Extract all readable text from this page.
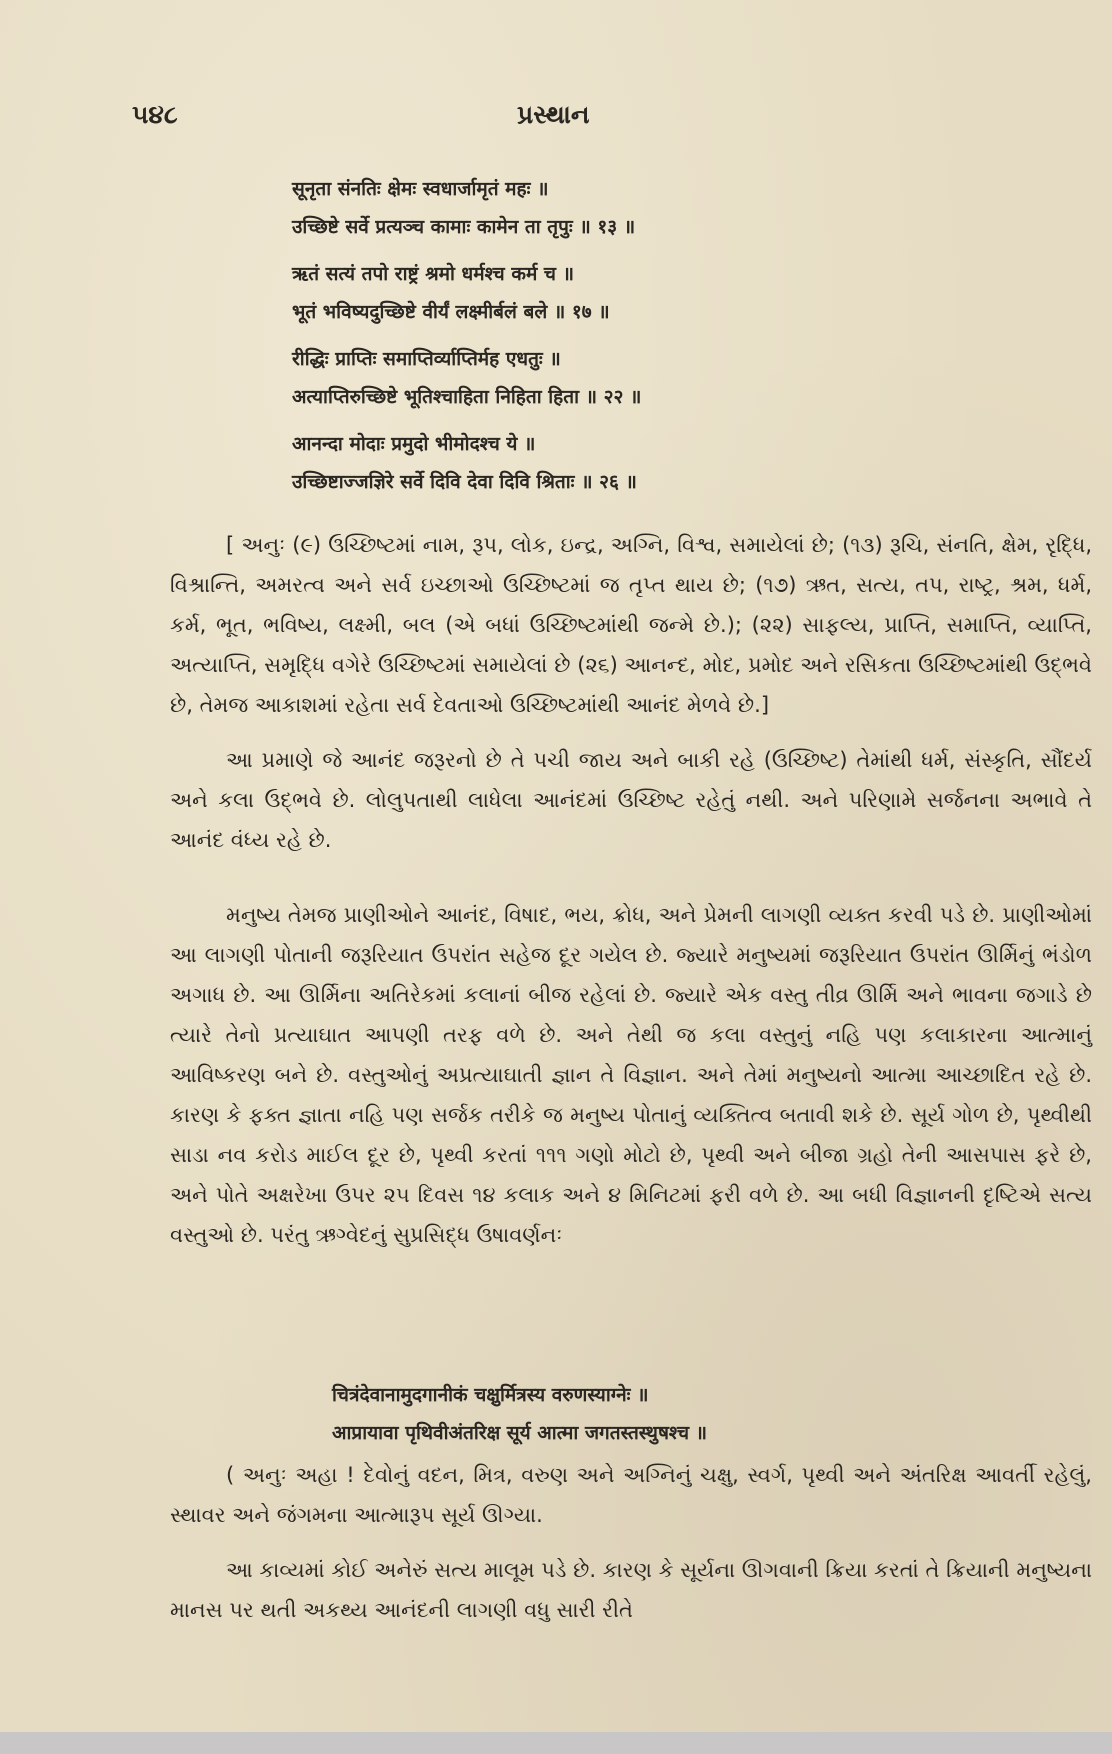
૫૪૮	પ્રસ્થાન
सूनृता संनतिः क्षेमः स्वधार्जामृतं महः ॥
उच्छिष्टे सर्वे प्रत्यञ्च कामाः कामेन ता तृपुः ॥ १३ ॥
ऋतं सत्यं तपो राष्ट्रं श्रमो धर्मश्च कर्म च ॥
भूतं भविष्यदुच्छिष्टे वीर्यं लक्ष्मीर्बलं बले ॥ १७ ॥
रीद्धिः प्राप्तिः समाप्तिर्व्याप्तिर्मह एधतुः ॥
अत्याप्तिरुच्छिष्टे भूतिश्चाहिता निहिता हिता ॥ २२ ॥
आनन्दा मोदाः प्रमुदो भीमोदश्च ये ॥
उच्छिष्टाज्जज्ञिरे सर्वे दिवि देवा दिवि श्रिताः ॥ २६ ॥

[ અનુઃ (૯) ઉચ્છિષ્ટમાં નામ, રૂપ, લોક, ઇન્દ્ર, અગ્નિ, વિશ્વ, સમાયેલાં છે; (૧૩) રૂચિ, સંનતિ, ક્ષેમ, રૃદ્ધિ, વિશ્રાન્તિ, અમરત્વ અને સર્વ ઇચ્છાઓ ઉચ્છિષ્ટમાં જ તૃપ્ત થાય છે; (૧૭) ઋત, સત્ય, તપ, રાષ્ટ્ર, શ્રમ, ધર્મ, કર્મ, ભૂત, ભવિષ્ય, લક્ષ્મી, બલ (એ બધાં ઉચ્છિષ્ટમાંથી જન્મે છે.); (૨૨) સાફલ્ય, પ્રાપ્તિ, સમાપ્તિ, વ્યાપ્તિ, અત્યાપ્તિ, સમૃદ્ધિ વગેરે ઉચ્છિષ્ટમાં સમાયેલાં છે (૨૬) આનન્દ, મોદ, પ્રમોદ અને રસિકતા ઉચ્છિષ્ટમાંથી ઉદ્ભવે છે, તેમજ આકાશમાં રહેતા સર્વ દેવતાઓ ઉચ્છિષ્ટમાંથી આનંદ મેળવે છે.]

આ પ્રમાણે જે આનંદ જરૂરનો છે તે પચી જાય અને બાકી રહે (ઉચ્છિષ્ટ) તેમાંથી ધર્મ, સંસ્કૃતિ, સૌંદર્ય અને કલા ઉદ્ભવે છે. લોલુપતાથી લાધેલા આનંદમાં ઉચ્છિષ્ટ રહેતું નથી. અને પરિણામે સર્જનના અભાવે તે આનંદ વંધ્ય રહે છે.

મનુષ્ય તેમજ પ્રાણીઓને આનંદ, વિષાદ, ભય, ક્રોધ, અને પ્રેમની લાગણી વ્યક્ત કરવી પડે છે. પ્રાણીઓમાં આ લાગણી પોતાની જરૂરિયાત ઉપરાંત સહેજ દૂર ગયેલ છે. જ્યારે મનુષ્યમાં જરૂરિયાત ઉપરાંત ઊર્મિનું ભંડોળ અગાધ છે. આ ઊર્મિના અતિરેકમાં કલાનાં બીજ રહેલાં છે. જ્યારે એક વસ્તુ તીવ્ર ઊર્મિ અને ભાવના જગાડે છે ત્યારે તેનો પ્રત્યાઘાત આપણી તરફ વળે છે. અને તેથી જ કલા વસ્તુનું નહિ પણ કલાકારના આત્માનું આવિષ્કરણ બને છે. વસ્તુઓનું અપ્રત્યાઘાતી જ્ઞાન તે વિજ્ઞાન. અને તેમાં મનુષ્યનો આત્મા આચ્છાદિત રહે છે. કારણ કે ફક્ત જ્ઞાતા નહિ પણ સર્જક તરીકે જ મનુષ્ય પોતાનું વ્યક્તિત્વ બતાવી શકે છે. સૂર્ય ગોળ છે, પૃથ્વીથી સાડા નવ કરોડ માઈલ દૂર છે, પૃથ્વી કરતાં ૧૧૧ ગણો મોટો છે, પૃથ્વી અને બીજા ગ્રહો તેની આસપાસ ફરે છે, અને પોતે અક્ષરેખા ઉપર ૨૫ દિવસ ૧૪ કલાક અને ૪ મિનિટમાં ફરી વળે છે. આ બધી વિજ્ઞાનની દૃષ્ટિએ સત્ય વસ્તુઓ છે. પરંતુ ઋગ્વેદનું સુપ્રસિદ્ધ ઉષાવર્ણનઃ

चित्रंदेवानामुदगानीकं चक्षुर्मित्रस्य वरुणस्याग्नेः ॥
आप्रायावा पृथिवीअंतरिक्ष सूर्य आत्मा जगतस्तस्थुषश्च ॥

( અનુઃ અહા ! દેવોનું વદન, મિત્ર, વરુણ અને અગ્નિનું ચક્ષુ, સ્વર્ગ, પૃથ્વી અને અંતરિક્ષ આવર્તી રહેલું, સ્થાવર અને જંગમના આત્મારૂપ સૂર્ય ઊગ્યા.

આ કાવ્યમાં કોઈ અનેરું સત્ય માલૂમ પડે છે. કારણ કે સૂર્યના ઊગવાની ક્રિયા કરતાં તે ક્રિયાની મનુષ્યના માનસ પર થતી અકથ્ય આનંદની લાગણી વધુ સારી રીતે
